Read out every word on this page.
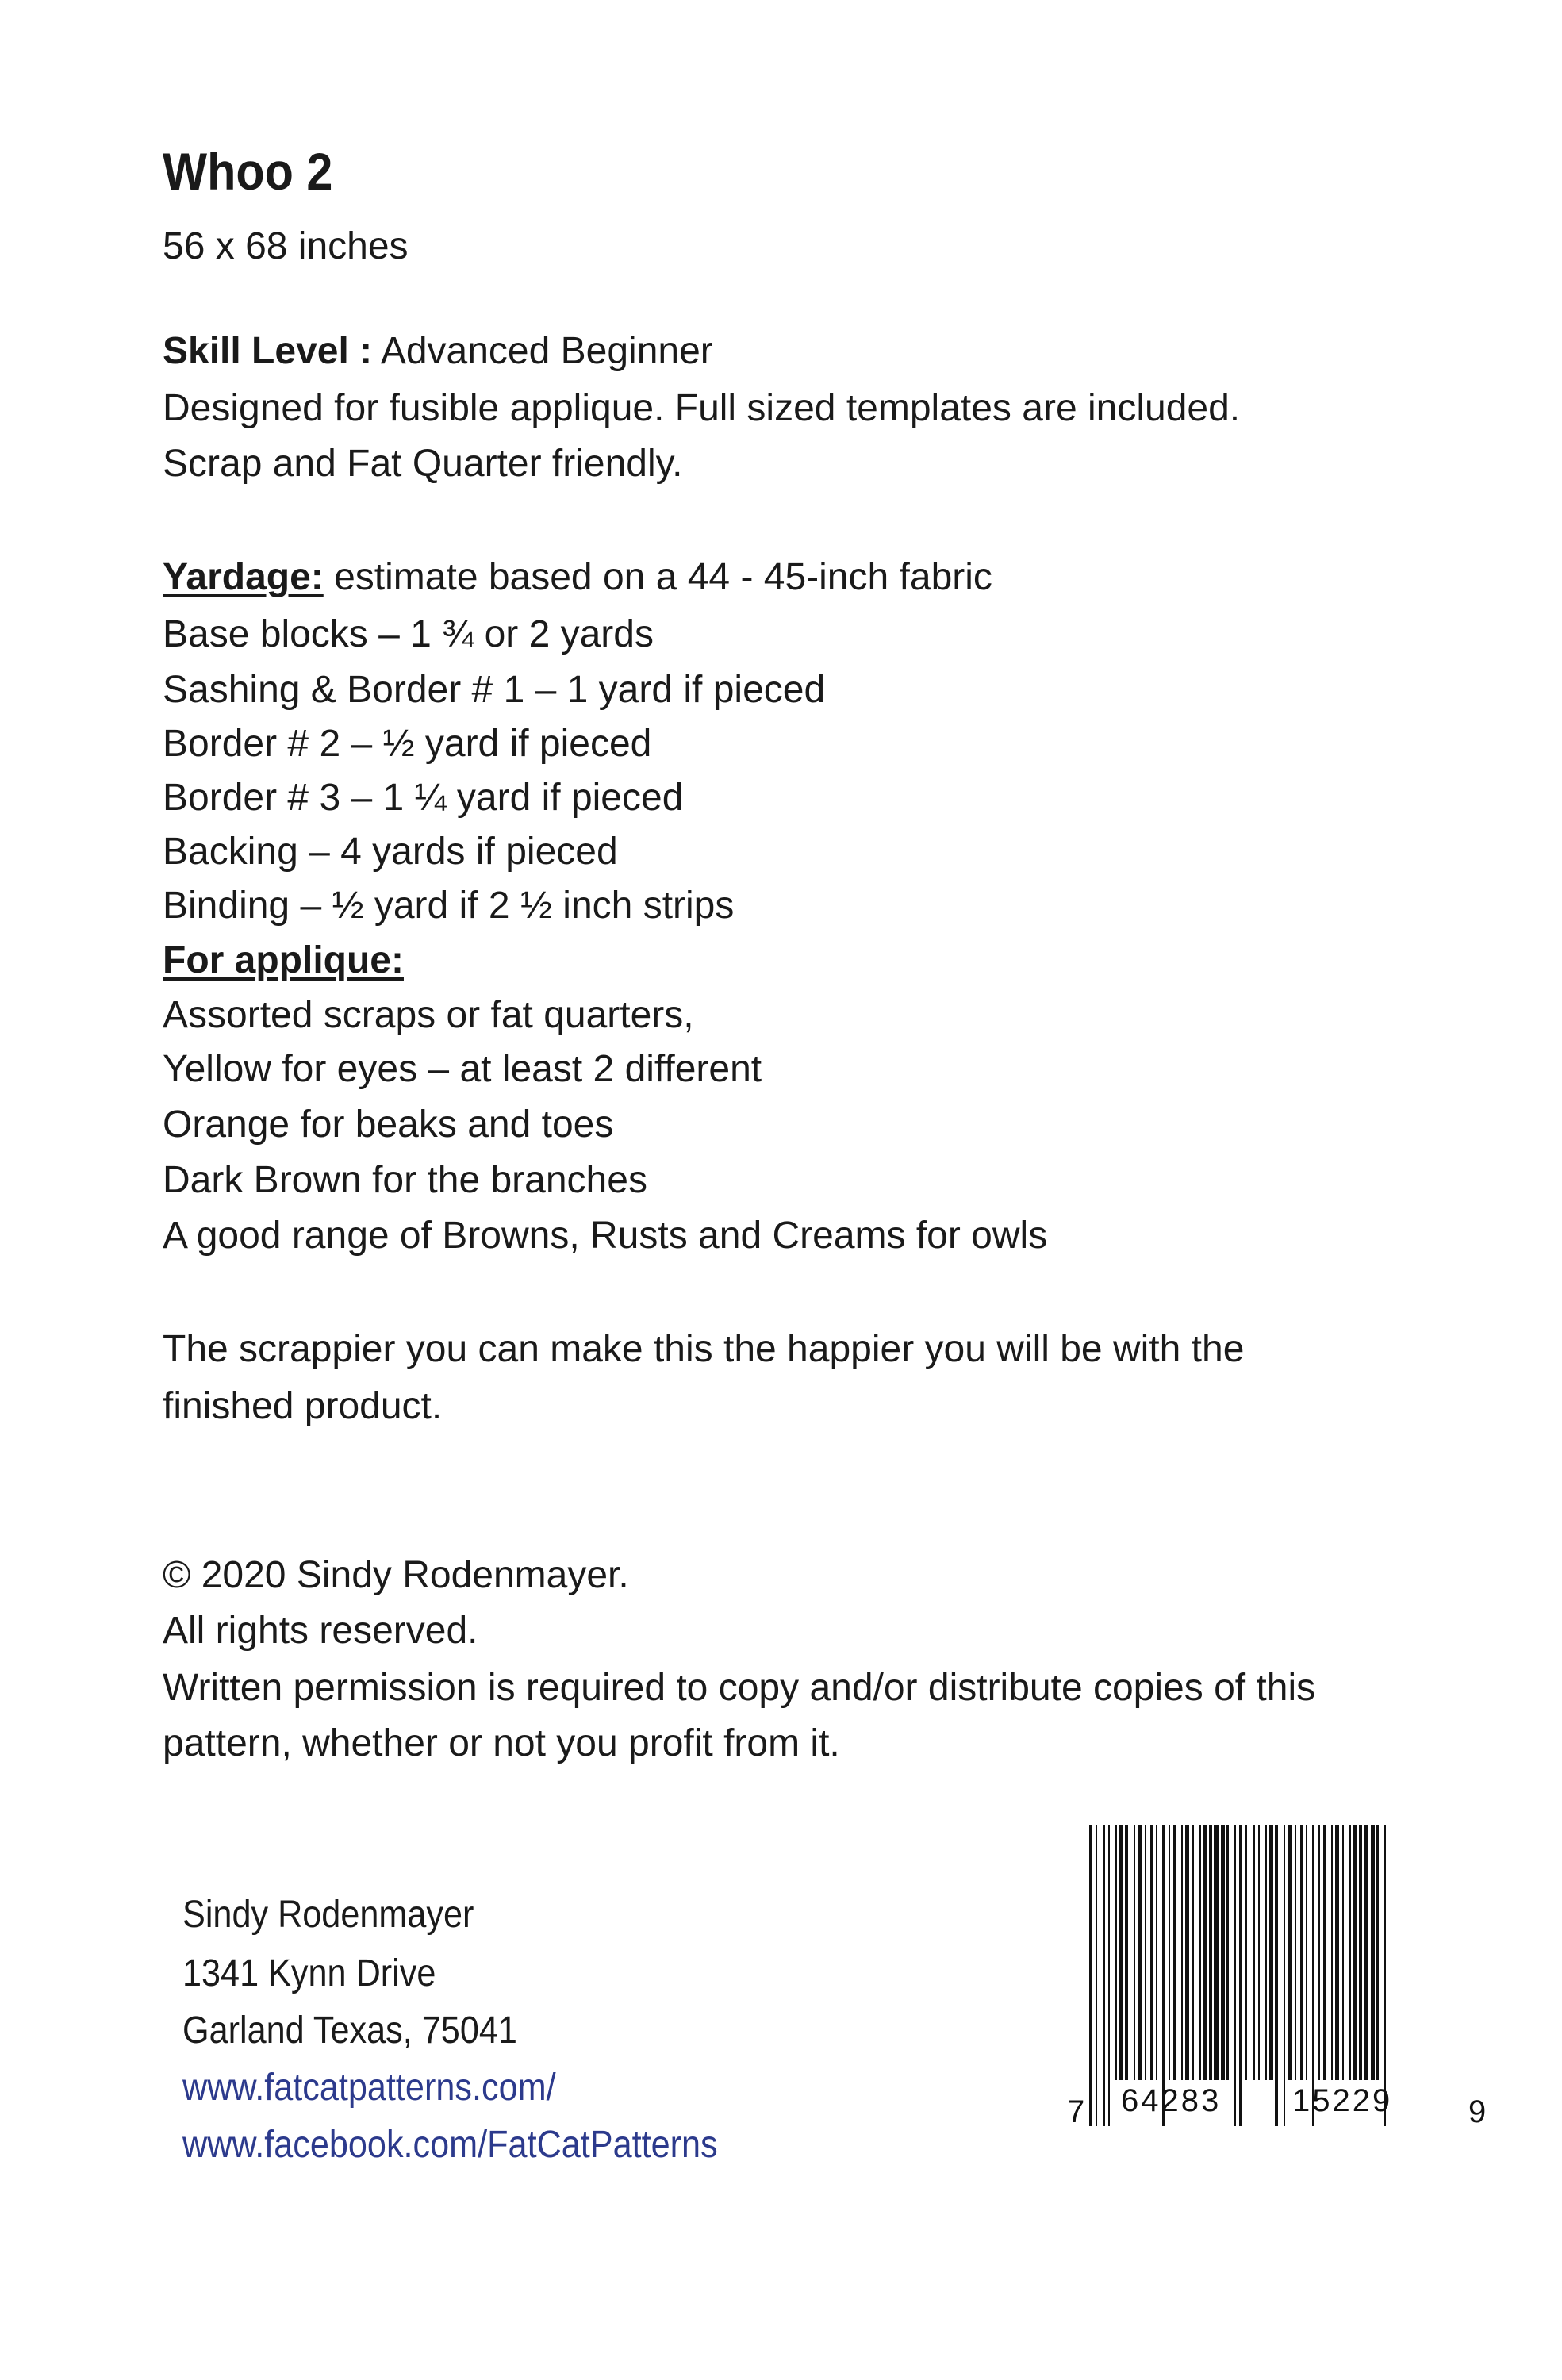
Whoo 2
56 x 68 inches
Skill Level : Advanced Beginner
Designed for fusible applique. Full sized templates are included.
Scrap and Fat Quarter friendly.
Yardage: estimate based on a 44 - 45-inch fabric
Base blocks – 1 ¾ or 2 yards
Sashing & Border # 1 – 1 yard if pieced
Border # 2 – ½ yard if pieced
Border # 3 – 1 ¼ yard if pieced
Backing – 4 yards if pieced
Binding – ½ yard if 2 ½ inch strips
For applique:
Assorted scraps or fat quarters,
Yellow for eyes – at least 2 different
Orange for beaks and toes
Dark Brown for the branches
A good range of Browns, Rusts and Creams for owls
The scrappier you can make this the happier you will be with the
finished product.
© 2020 Sindy Rodenmayer.
All rights reserved.
Written permission is required to copy and/or distribute copies of this
pattern, whether or not you profit from it.
Sindy Rodenmayer
1341 Kynn Drive
Garland Texas, 75041
www.fatcatpatterns.com/
www.facebook.com/FatCatPatterns
7 64283 15229 9
